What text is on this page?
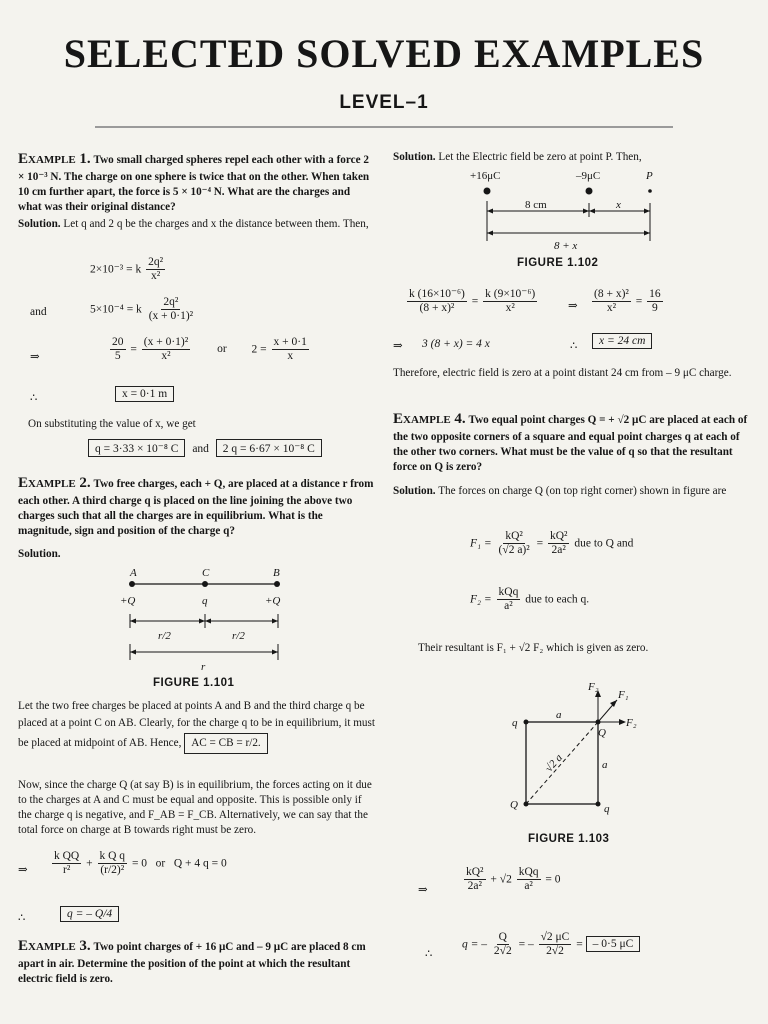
SELECTED SOLVED EXAMPLES
LEVEL–1
Example 1. Two small charged spheres repel each other with a force 2 × 10⁻³ N. The charge on one sphere is twice that on the other. When taken 10 cm further apart, the force is 5 × 10⁻⁴ N. What are the charges and what was their original distance?
Solution. Let q and 2 q be the charges and x the distance between them. Then,
2×10⁻³ = k $\frac{\text{2q²}}{\text{x²}}$
and	5×10⁻⁴ = k $\frac{\text{2q²}}{\text{(x + 0·1)²}}$
⇒	$\frac{20}{5} = \frac{\text{(x + 0·1)²}}{\text{x²}}$ or $2 = \frac{x + 0\cdot 1}{x}$
∴	x = 0·1 m
On substituting the value of x, we get
q = 3·33 × 10⁻⁸ C and 2 q = 6·67 × 10⁻⁸ C
Example 2. Two free charges, each + Q, are placed at a distance r from each other. A third charge q is placed on the line joining the above two charges such that all the charges are in equilibrium. What is the magnitude, sign and position of the charge q?
Solution.
A	C	B
+Q	q	+Q
r/2	r/2
r
FIGURE 1.101
Let the two free charges be placed at points A and B and the third charge q be placed at a point C on AB. Clearly, for the charge q to be in equilibrium, it must be placed at midpoint of AB. Hence, AC = CB = r/2.
Now, since the charge Q (at say B) is in equilibrium, the forces acting on it due to the charges at A and C must be equal and opposite. This is possible only if the charge q is negative, and F_AB = F_CB. Alternatively, we can say that the total force on charge at B towards right must be zero.
⇒ $\frac{\text{k QQ}}{\text{r²}} + \frac{\text{k Q q}}{\text{(r/2)²}} = 0$   or   Q + 4 q = 0
∴	q = – Q/4
Example 3. Two point charges of + 16 μC and – 9 μC are placed 8 cm apart in air. Determine the position of the point at which the resultant electric field is zero.
Solution. Let the Electric field be zero at point P. Then,
+16μC	–9μC	P
8 cm	x
8 + x
FIGURE 1.102
$\frac{\text{k (16×10⁻⁶)}}{\text{(8 + x)²}} = \frac{\text{k (9×10⁻⁶)}}{\text{x²}}$	⇒ $\frac{\text{(8 + x)²}}{\text{x²}} = \frac{16}{9}$
⇒ 3 (8 + x) = 4 x	∴	x = 24 cm
Therefore, electric field is zero at a point distant 24 cm from – 9 μC charge.
Example 4. Two equal point charges Q = + √2 μC are placed at each of the two opposite corners of a square and equal point charges q at each of the other two corners. What must be the value of q so that the resultant force on Q is zero?
Solution. The forces on charge Q (on top right corner) shown in figure are
$F_1 = \frac{\text{kQ²}}{\text{(√2 a)²}} = \frac{\text{kQ²}}{\text{2a²}}$ due to Q and
$F_2 = \frac{\text{kQq}}{\text{a²}}$ due to each q.
Their resultant is F₁ + √2 F₂ which is given as zero.
F₂
F₁
F₂
a
a
√2 a
q
Q
Q	q
FIGURE 1.103
⇒	$\frac{\text{kQ²}}{\text{2a²}} + √2 \frac{\text{kQq}}{\text{a²}} = 0$
∴
q = – $\frac{Q}{2√2}$ = – $\frac{√2 \mu C}{2√2}$ = – 0·5 μC
